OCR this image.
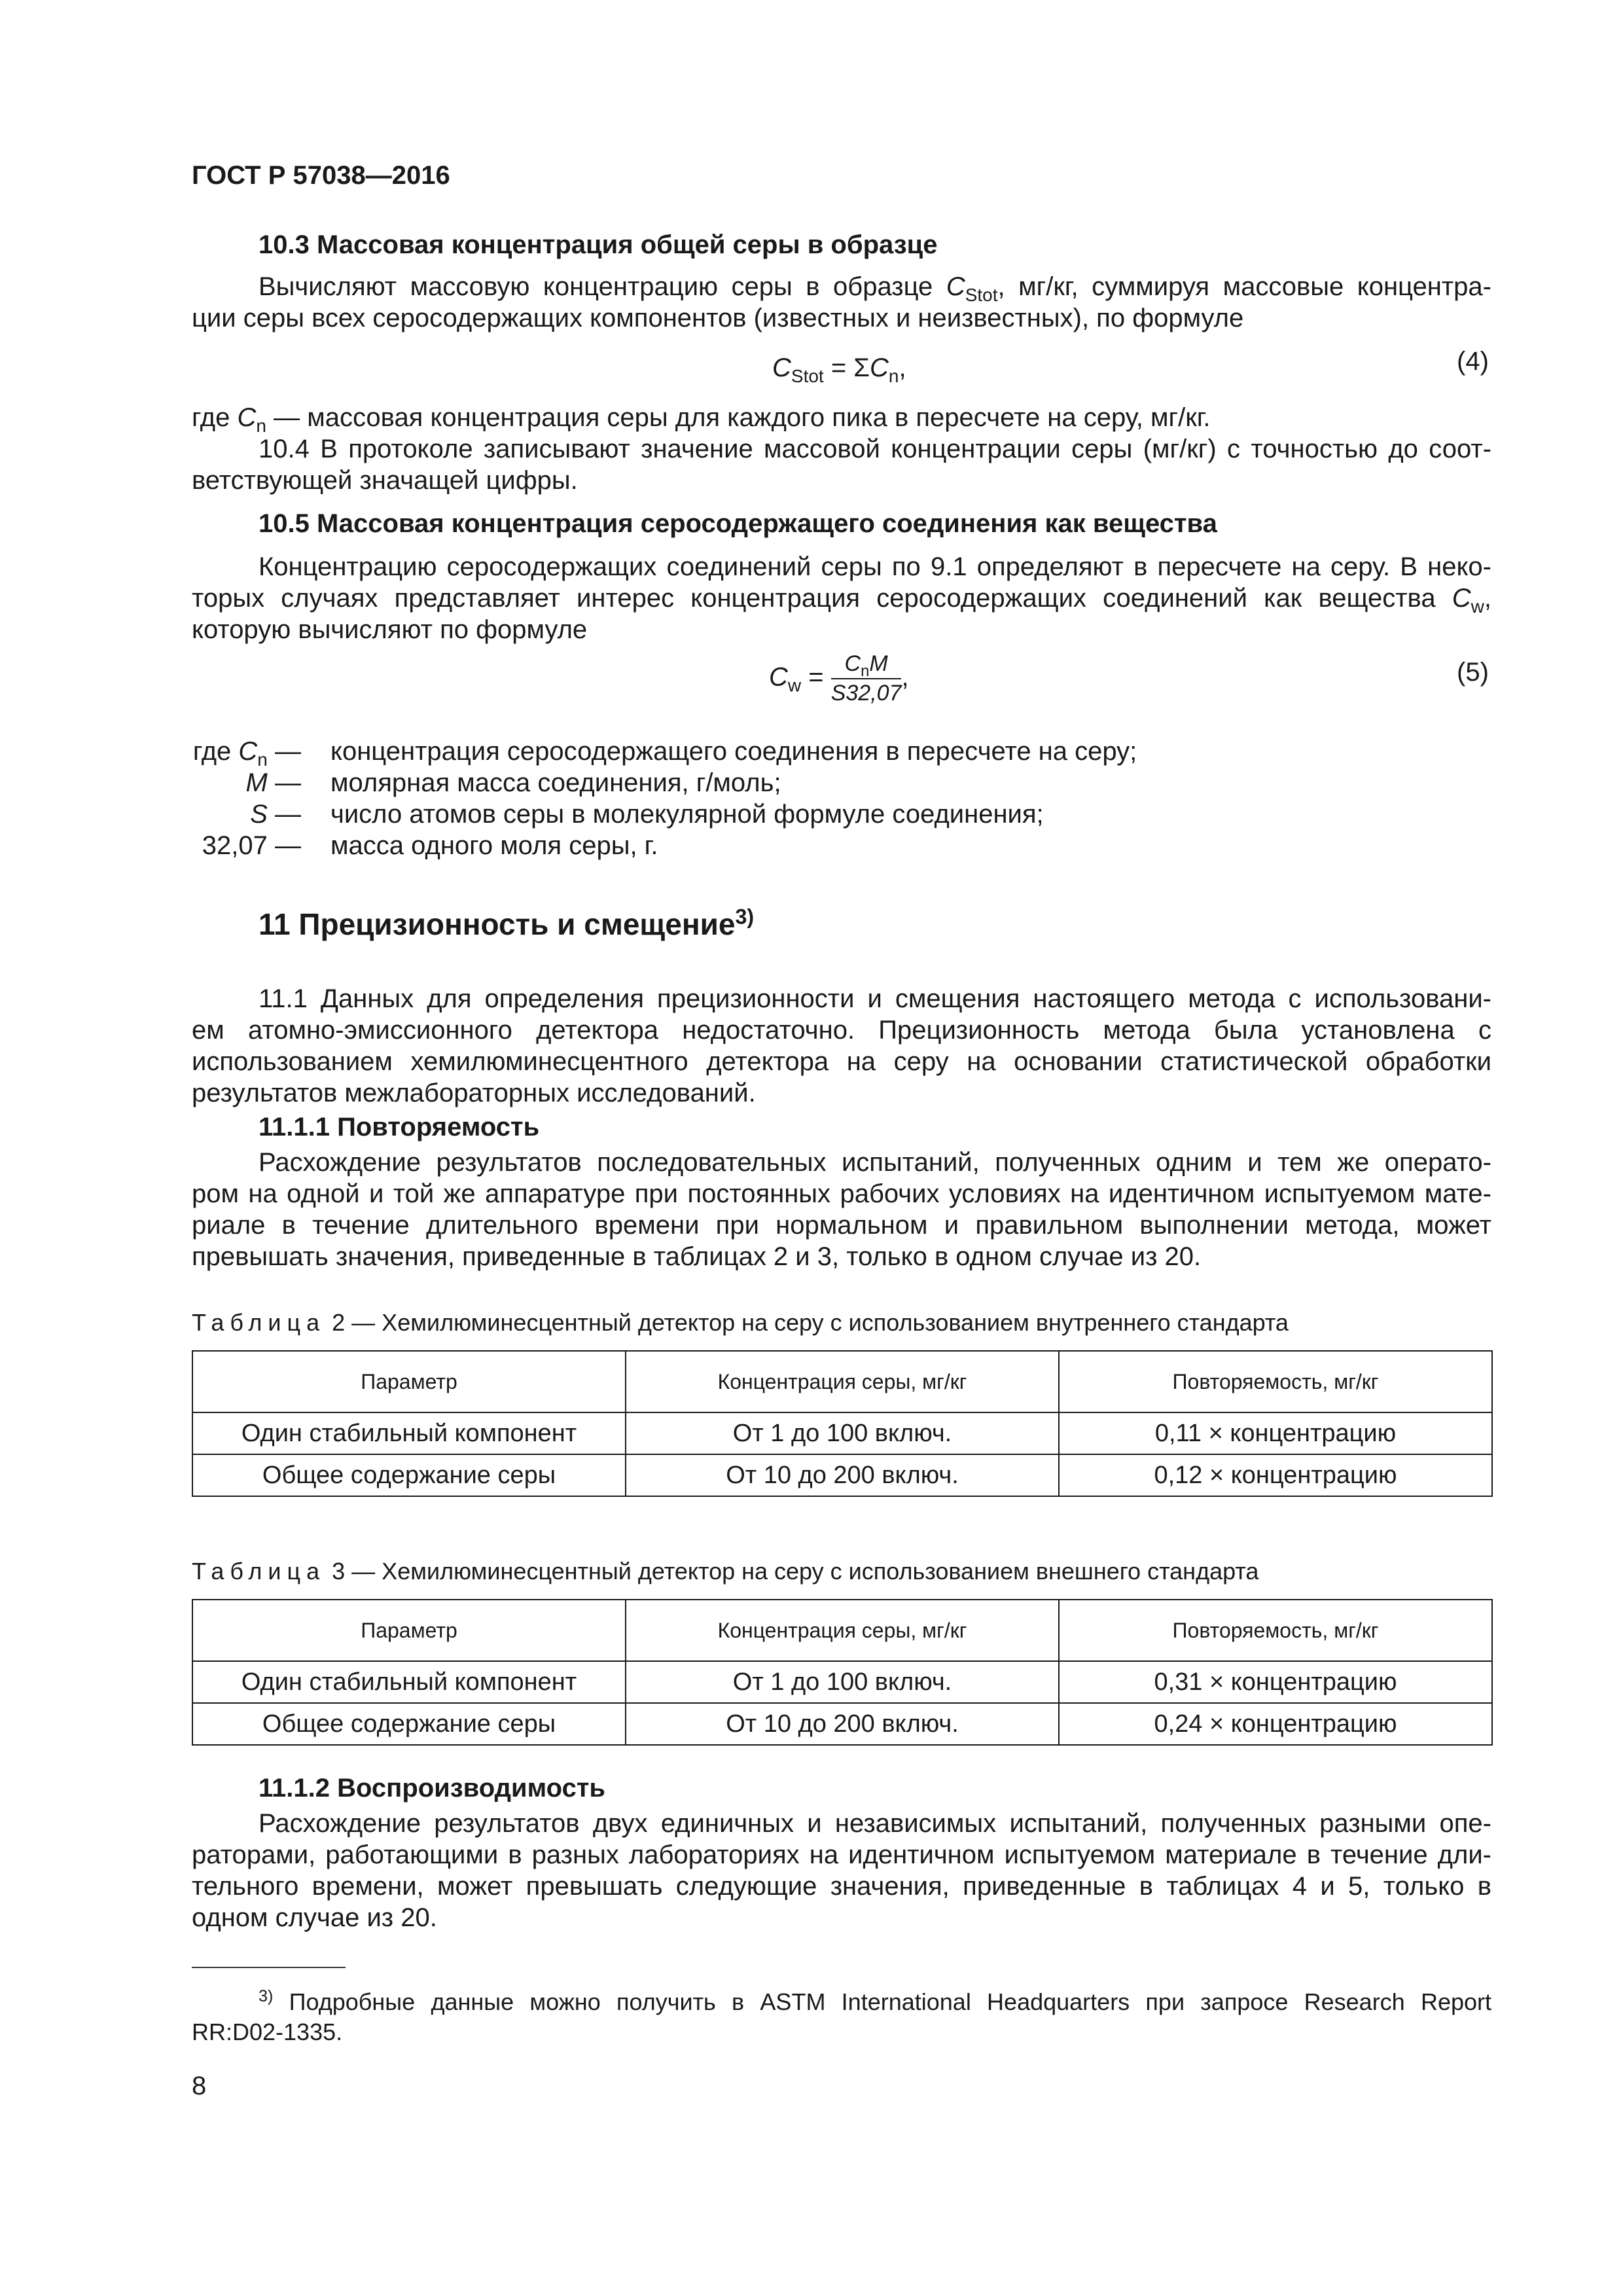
ГОСТ Р 57038—2016
10.3 Массовая концентрация общей серы в образце
Вычисляют массовую концентрацию серы в образце $C_{Stot}$, мг/кг, суммируя массовые концентра-
ции серы всех серосодержащих компонентов (известных и неизвестных), по формуле
$C_{Stot} = \Sigma C_n$,	(4)
где $C_n$ — массовая концентрация серы для каждого пика в пересчете на серу, мг/кг.
10.4 В протоколе записывают значение массовой концентрации серы (мг/кг) с точностью до соот-
ветствующей значащей цифры.
10.5 Массовая концентрация серосодержащего соединения как вещества
Концентрацию серосодержащих соединений серы по 9.1 определяют в пересчете на серу. В неко-
торых случаях представляет интерес концентрация серосодержащих соединений как вещества $C_w$,
которую вычисляют по формуле
$C_w = \frac{C_nM}{S32,07}$ ,	(5)
где $C_n$ — концентрация серосодержащего соединения в пересчете на серу;
M — молярная масса соединения, г/моль;
S — число атомов серы в молекулярной формуле соединения;
32,07 — масса одного моля серы, г.
11 Прецизионность и смещение$^{3)}$
11.1 Данных для определения прецизионности и смещения настоящего метода с использовани-
ем атомно-эмиссионного детектора недостаточно. Прецизионность метода была установлена с
использованием хемилюминесцентного детектора на серу на основании статистической обработки
результатов межлабораторных исследований.
11.1.1 Повторяемость
Расхождение результатов последовательных испытаний, полученных одним и тем же операто-
ром на одной и той же аппаратуре при постоянных рабочих условиях на идентичном испытуемом мате-
риале в течение длительного времени при нормальном и правильном выполнении метода, может
превышать значения, приведенные в таблицах 2 и 3, только в одном случае из 20.
Таблица 2 — Хемилюминесцентный детектор на серу с использованием внутреннего стандарта
Параметр	Концентрация серы, мг/кг	Повторяемость, мг/кг
Один стабильный компонент	От 1 до 100 включ.	0,11 × концентрацию
Общее содержание серы	От 10 до 200 включ.	0,12 × концентрацию
Таблица 3 — Хемилюминесцентный детектор на серу с использованием внешнего стандарта
Параметр	Концентрация серы, мг/кг	Повторяемость, мг/кг
Один стабильный компонент	От 1 до 100 включ.	0,31 × концентрацию
Общее содержание серы	От 10 до 200 включ.	0,24 × концентрацию
11.1.2 Воспроизводимость
Расхождение результатов двух единичных и независимых испытаний, полученных разными опе-
раторами, работающими в разных лабораториях на идентичном испытуемом материале в течение дли-
тельного времени, может превышать следующие значения, приведенные в таблицах 4 и 5, только в
одном случае из 20.
$^{3)}$ Подробные данные можно получить в ASTM International Headquarters при запросе Research Report
RR:D02-1335.
8
